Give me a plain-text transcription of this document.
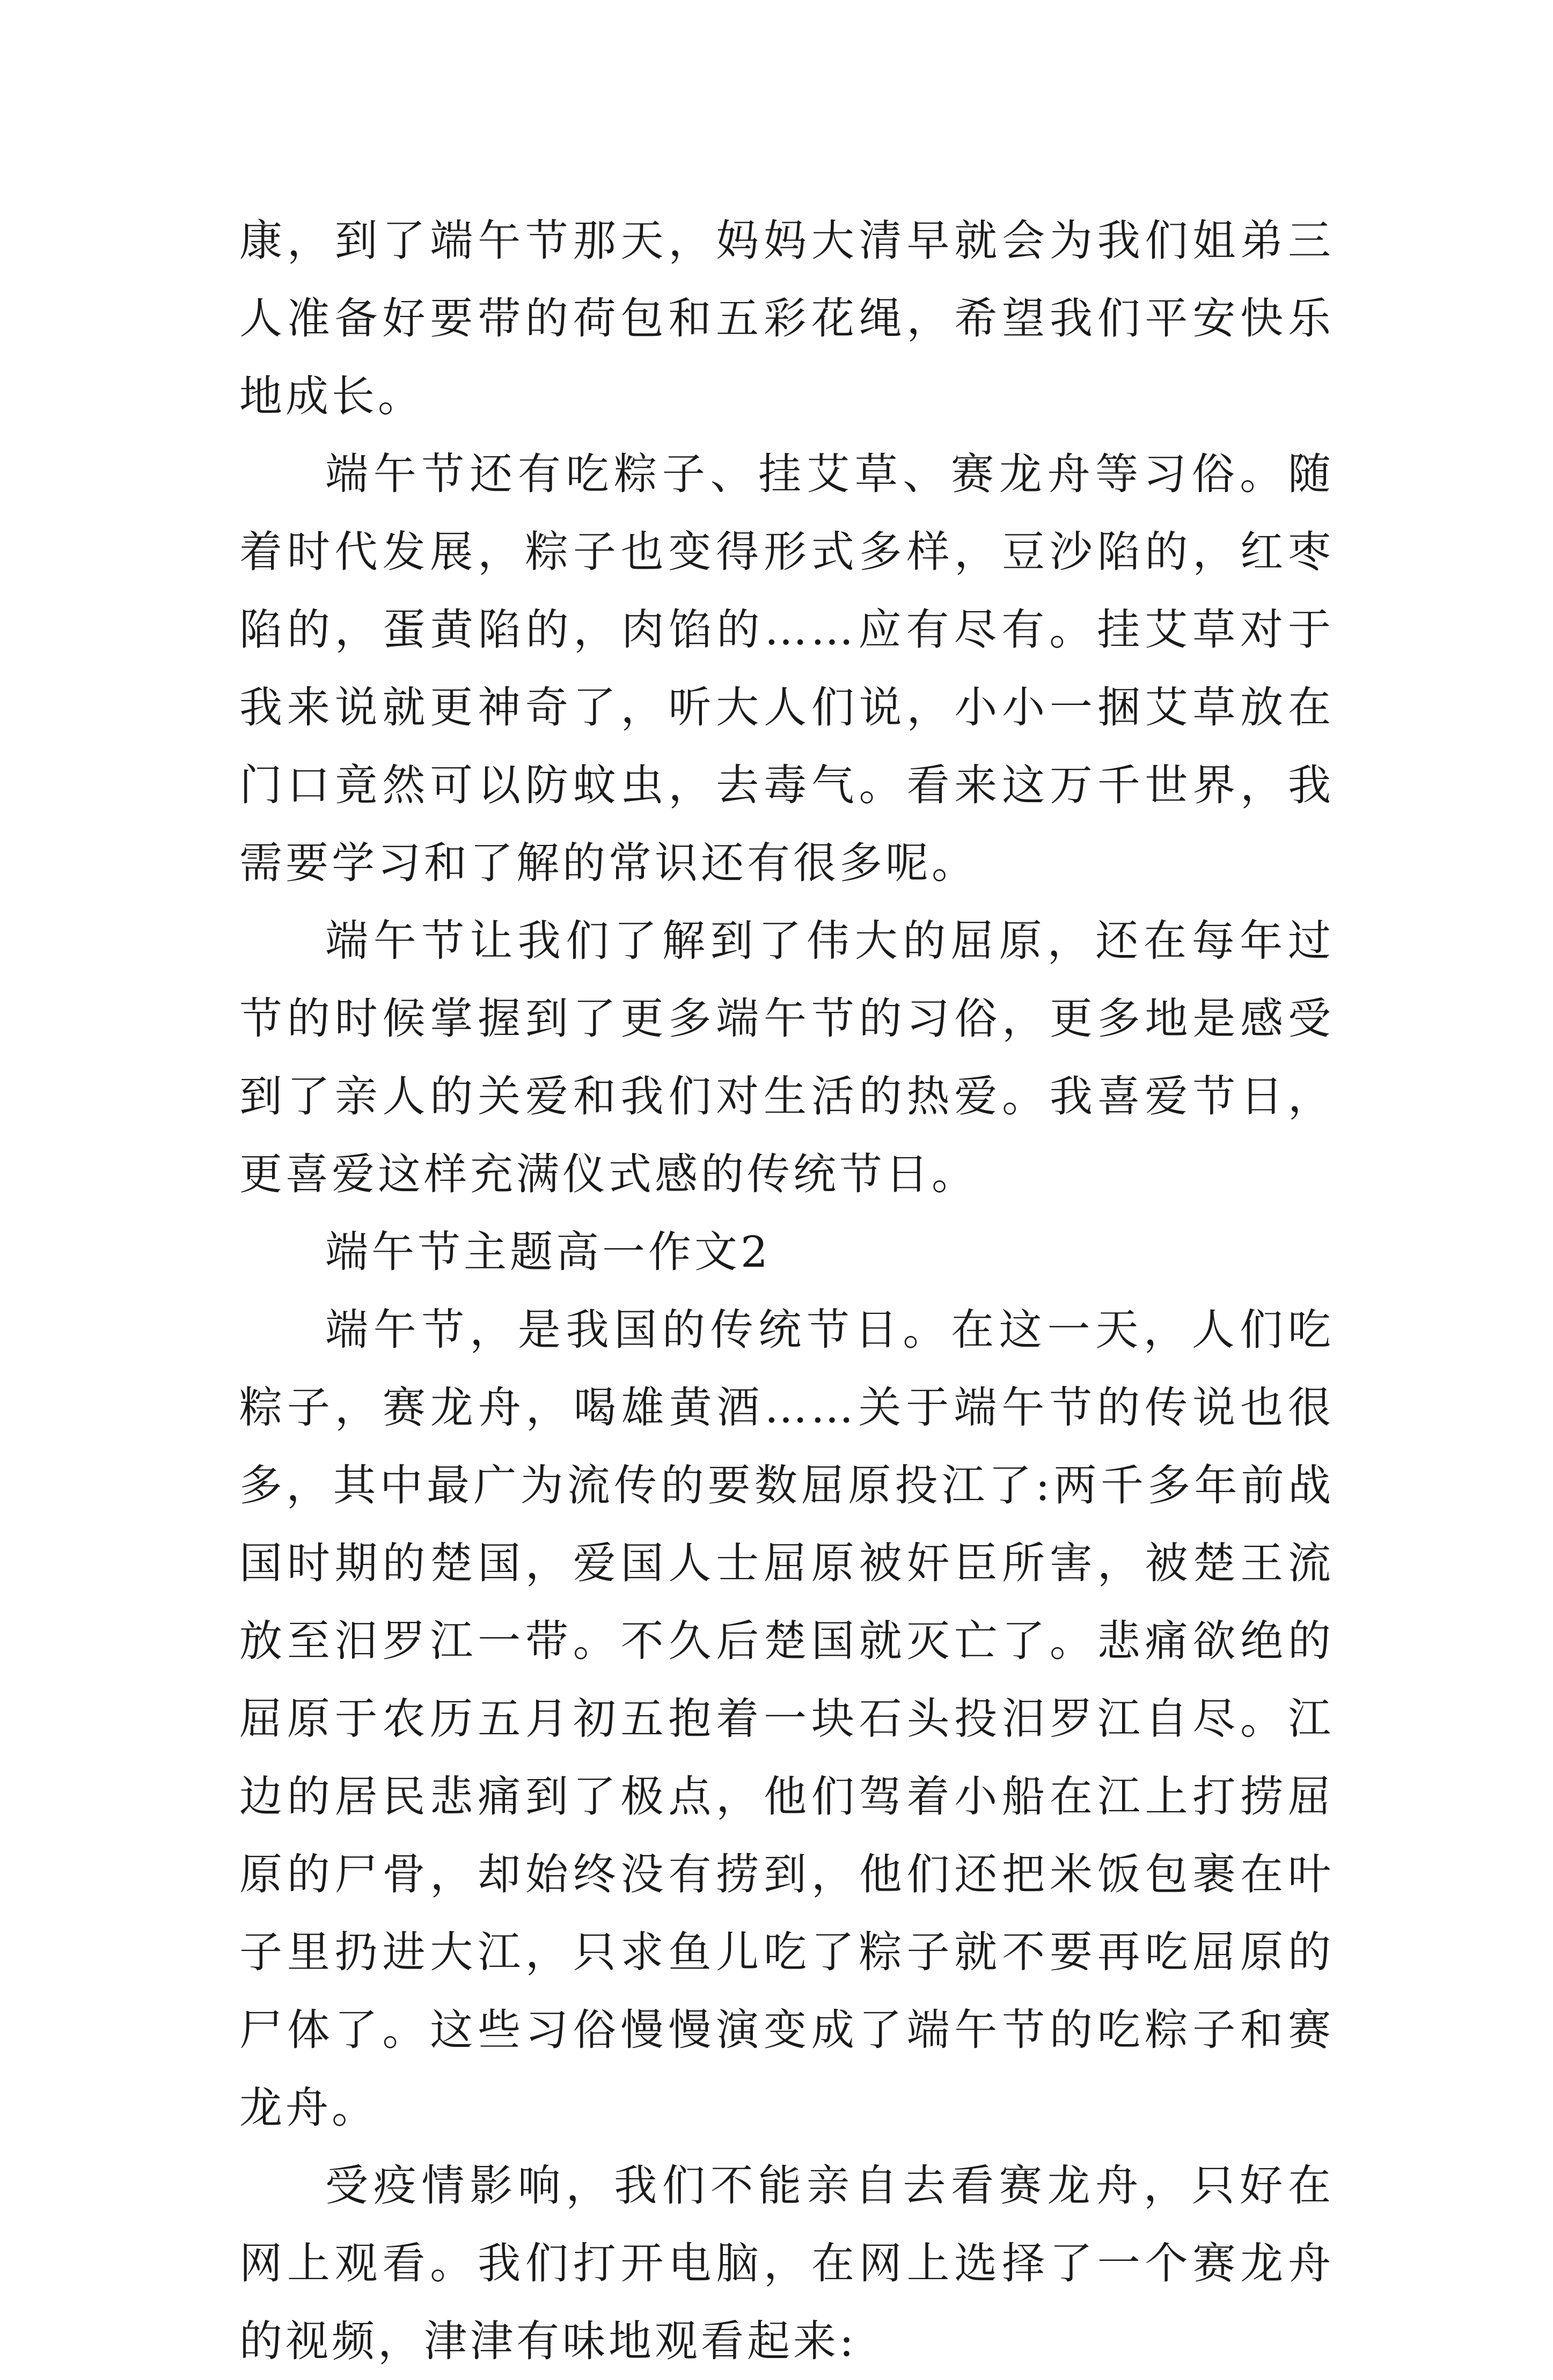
康，到了端午节那天，妈妈大清早就会为我们姐弟三人准备好要带的荷包和五彩花绳，希望我们平安快乐地成长。

端午节还有吃粽子、挂艾草、赛龙舟等习俗。随着时代发展，粽子也变得形式多样，豆沙陷的，红枣陷的，蛋黄陷的，肉馅的……应有尽有。挂艾草对于我来说就更神奇了，听大人们说，小小一捆艾草放在门口竟然可以防蚊虫，去毒气。看来这万千世界，我需要学习和了解的常识还有很多呢。

端午节让我们了解到了伟大的屈原，还在每年过节的时候掌握到了更多端午节的习俗，更多地是感受到了亲人的关爱和我们对生活的热爱。我喜爱节日，更喜爱这样充满仪式感的传统节日。

端午节主题高一作文2

端午节，是我国的传统节日。在这一天，人们吃粽子，赛龙舟，喝雄黄酒……关于端午节的传说也很多，其中最广为流传的要数屈原投江了:两千多年前战国时期的楚国，爱国人士屈原被奸臣所害，被楚王流放至汨罗江一带。不久后楚国就灭亡了。悲痛欲绝的屈原于农历五月初五抱着一块石头投汨罗江自尽。江边的居民悲痛到了极点，他们驾着小船在江上打捞屈原的尸骨，却始终没有捞到，他们还把米饭包裹在叶子里扔进大江，只求鱼儿吃了粽子就不要再吃屈原的尸体了。这些习俗慢慢演变成了端午节的吃粽子和赛龙舟。

受疫情影响，我们不能亲自去看赛龙舟，只好在网上观看。我们打开电脑，在网上选择了一个赛龙舟的视频，津津有味地观看起来:
